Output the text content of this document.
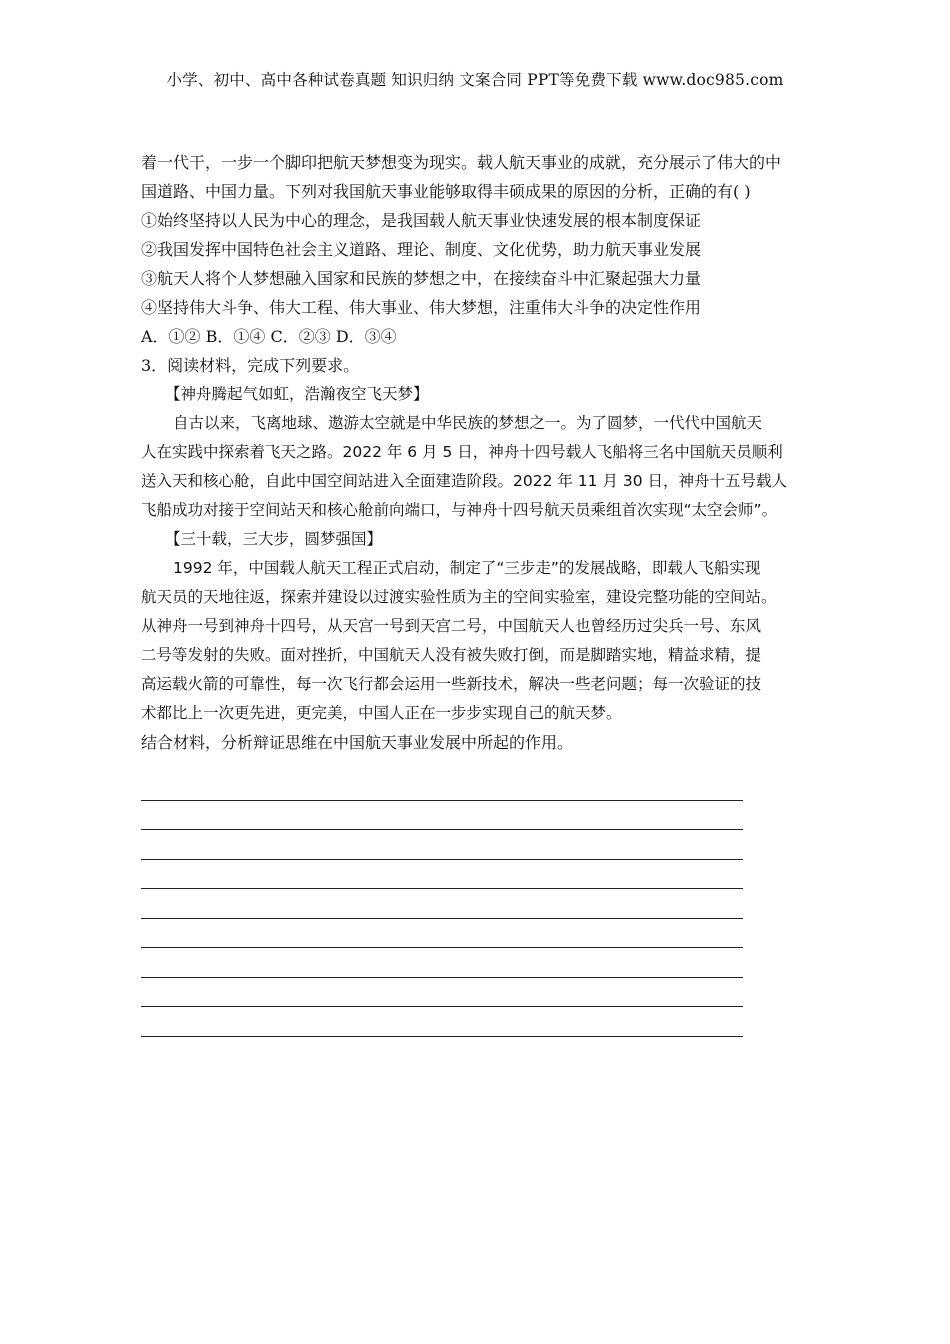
小学、初中、高中各种试卷真题 知识归纳 文案合同 PPT等免费下载 www.doc985.com
着一代干，一步一个脚印把航天梦想变为现实。载人航天事业的成就，充分展示了伟大的中
国道路、中国力量。下列对我国航天事业能够取得丰硕成果的原因的分析，正确的有( )
①始终坚持以人民为中心的理念，是我国载人航天事业快速发展的根本制度保证
②我国发挥中国特色社会主义道路、理论、制度、文化优势，助力航天事业发展
③航天人将个人梦想融入国家和民族的梦想之中，在接续奋斗中汇聚起强大力量
④坚持伟大斗争、伟大工程、伟大事业、伟大梦想，注重伟大斗争的决定性作用
A．①② B．①④ C．②③ D．③④
3．阅读材料，完成下列要求。
【神舟腾起气如虹，浩瀚夜空飞天梦】
自古以来，飞离地球、遨游太空就是中华民族的梦想之一。为了圆梦，一代代中国航天
人在实践中探索着飞天之路。2022 年 6 月 5 日，神舟十四号载人飞船将三名中国航天员顺利
送入天和核心舱，自此中国空间站进入全面建造阶段。2022 年 11 月 30 日，神舟十五号载人
飞船成功对接于空间站天和核心舱前向端口，与神舟十四号航天员乘组首次实现“太空会师”。
【三十载，三大步，圆梦强国】
1992 年，中国载人航天工程正式启动，制定了“三步走”的发展战略，即载人飞船实现
航天员的天地往返，探索并建设以过渡实验性质为主的空间实验室，建设完整功能的空间站。
从神舟一号到神舟十四号，从天宫一号到天宫二号，中国航天人也曾经历过尖兵一号、东风
二号等发射的失败。面对挫折，中国航天人没有被失败打倒，而是脚踏实地，精益求精，提
高运载火箭的可靠性，每一次飞行都会运用一些新技术，解决一些老问题；每一次验证的技
术都比上一次更先进，更完美，中国人正在一步步实现自己的航天梦。
结合材料，分析辩证思维在中国航天事业发展中所起的作用。
